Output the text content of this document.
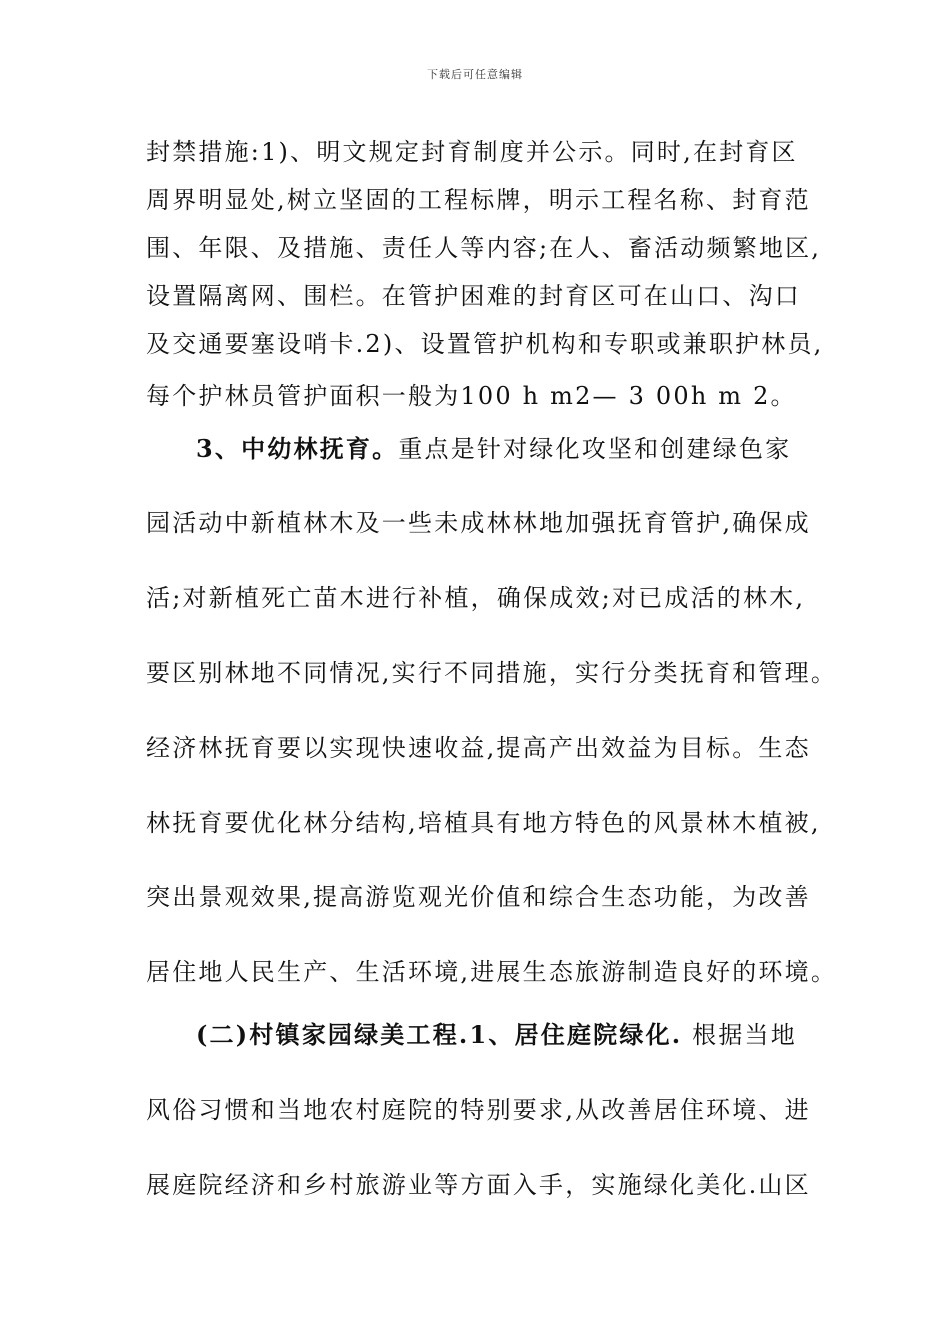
下载后可任意编辑
封禁措施:1)、明文规定封育制度并公示。同时,在封育区
周界明显处,树立坚固的工程标牌，明示工程名称、封育范
围、年限、及措施、责任人等内容;在人、畜活动频繁地区,
设置隔离网、围栏。在管护困难的封育区可在山口、沟口
及交通要塞设哨卡.2)、设置管护机构和专职或兼职护林员,
每个护林员管护面积一般为100 h m2— 3 00h m 2。
3、中幼林抚育。重点是针对绿化攻坚和创建绿色家
园活动中新植林木及一些未成林林地加强抚育管护,确保成
活;对新植死亡苗木进行补植，确保成效;对已成活的林木,
要区别林地不同情况,实行不同措施，实行分类抚育和管理。
经济林抚育要以实现快速收益,提高产出效益为目标。生态
林抚育要优化林分结构,培植具有地方特色的风景林木植被,
突出景观效果,提高游览观光价值和综合生态功能，为改善
居住地人民生产、生活环境,进展生态旅游制造良好的环境。
(二)村镇家园绿美工程.1、居住庭院绿化. 根据当地
风俗习惯和当地农村庭院的特别要求,从改善居住环境、进
展庭院经济和乡村旅游业等方面入手，实施绿化美化.山区
